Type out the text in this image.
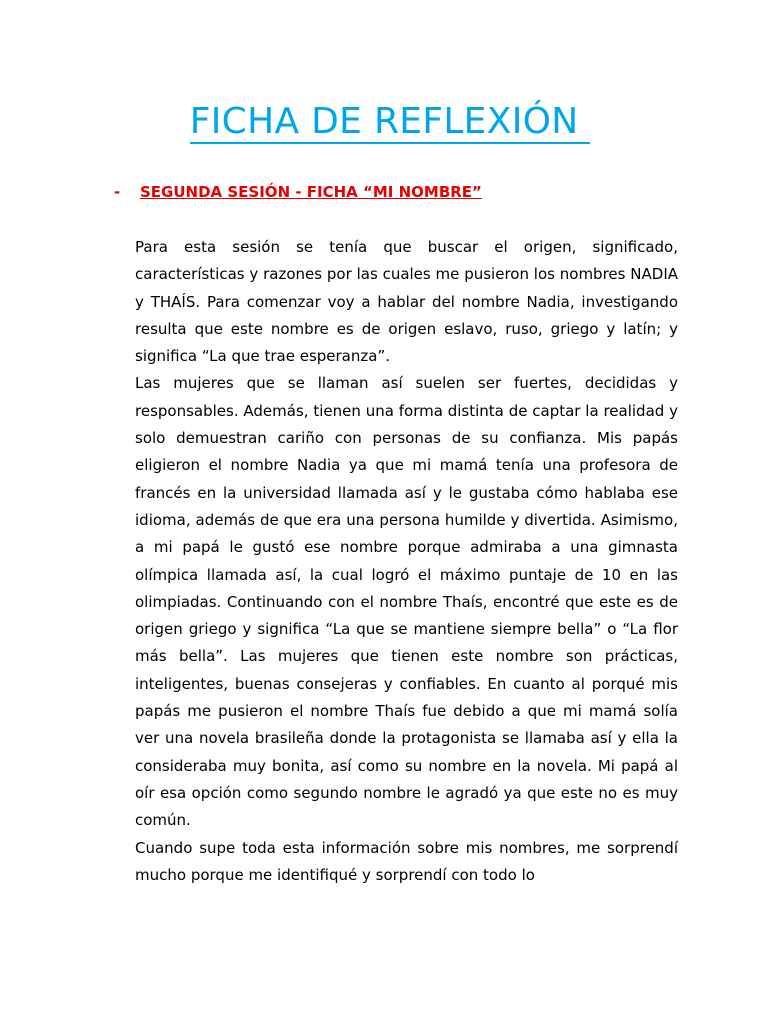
FICHA DE REFLEXIÓN
- SEGUNDA SESIÓN - FICHA “MI NOMBRE”

Para esta sesión se tenía que buscar el origen, significado, características y razones por las cuales me pusieron los nombres NADIA y THAÍS. Para comenzar voy a hablar del nombre Nadia, investigando resulta que este nombre es de origen eslavo, ruso, griego y latín; y significa “La que trae esperanza”.

Las mujeres que se llaman así suelen ser fuertes, decididas y responsables. Además, tienen una forma distinta de captar la realidad y solo demuestran cariño con personas de su confianza. Mis papás eligieron el nombre Nadia ya que mi mamá tenía una profesora de francés en la universidad llamada así y le gustaba cómo hablaba ese idioma, además de que era una persona humilde y divertida. Asimismo, a mi papá le gustó ese nombre porque admiraba a una gimnasta olímpica llamada así, la cual logró el máximo puntaje de 10 en las olimpiadas. Continuando con el nombre Thaís, encontré que este es de origen griego y significa “La que se mantiene siempre bella” o “La flor más bella”. Las mujeres que tienen este nombre son prácticas, inteligentes, buenas consejeras y confiables. En cuanto al porqué mis papás me pusieron el nombre Thaís fue debido a que mi mamá solía ver una novela brasileña donde la protagonista se llamaba así y ella la consideraba muy bonita, así como su nombre en la novela. Mi papá al oír esa opción como segundo nombre le agradó ya que este no es muy común.

Cuando supe toda esta información sobre mis nombres, me sorprendí mucho porque me identifiqué y sorprendí con todo lo
